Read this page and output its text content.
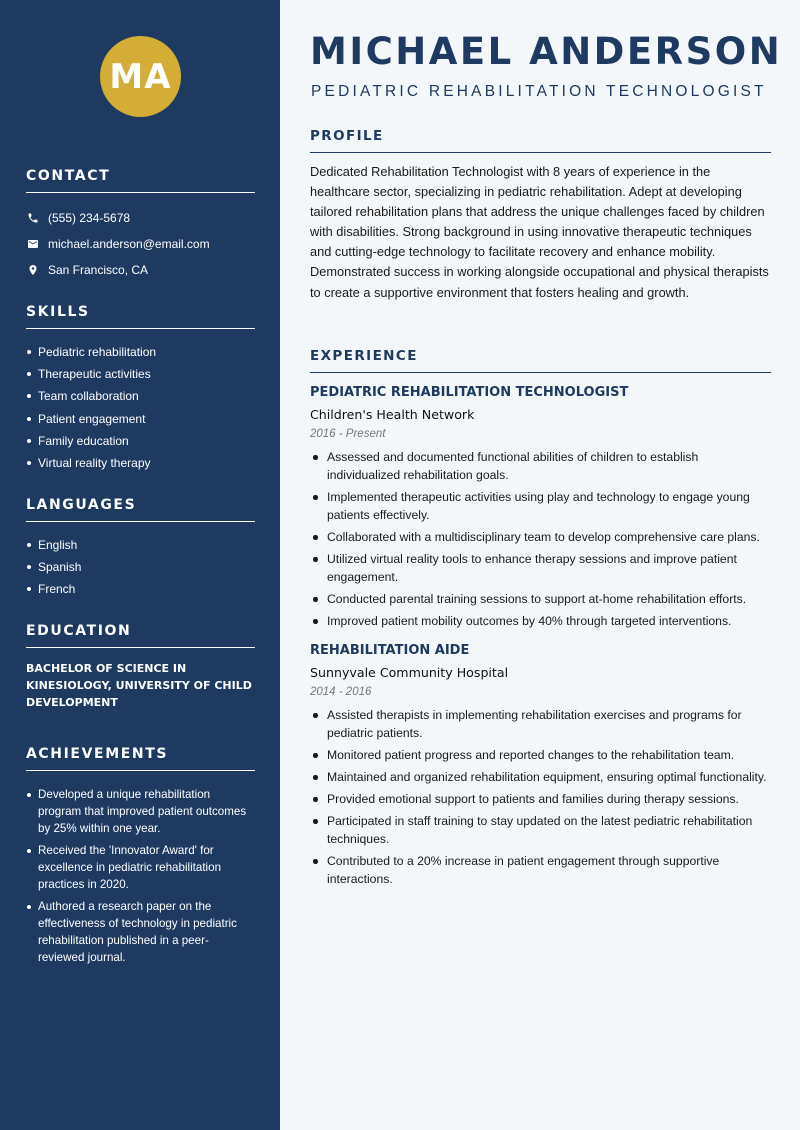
MA
CONTACT
(555) 234-5678
michael.anderson@email.com
San Francisco, CA
SKILLS
Pediatric rehabilitation
Therapeutic activities
Team collaboration
Patient engagement
Family education
Virtual reality therapy
LANGUAGES
English
Spanish
French
EDUCATION
BACHELOR OF SCIENCE IN KINESIOLOGY, UNIVERSITY OF CHILD DEVELOPMENT
ACHIEVEMENTS
Developed a unique rehabilitation program that improved patient outcomes by 25% within one year.
Received the 'Innovator Award' for excellence in pediatric rehabilitation practices in 2020.
Authored a research paper on the effectiveness of technology in pediatric rehabilitation published in a peer-reviewed journal.
MICHAEL ANDERSON
PEDIATRIC REHABILITATION TECHNOLOGIST
PROFILE

Dedicated Rehabilitation Technologist with 8 years of experience in the healthcare sector, specializing in pediatric rehabilitation. Adept at developing tailored rehabilitation plans that address the unique challenges faced by children with disabilities. Strong background in using innovative therapeutic techniques and cutting-edge technology to facilitate recovery and enhance mobility. Demonstrated success in working alongside occupational and physical therapists to create a supportive environment that fosters healing and growth.

EXPERIENCE
PEDIATRIC REHABILITATION TECHNOLOGIST
Children's Health Network
2016 - Present
Assessed and documented functional abilities of children to establish individualized rehabilitation goals.
Implemented therapeutic activities using play and technology to engage young patients effectively.
Collaborated with a multidisciplinary team to develop comprehensive care plans.
Utilized virtual reality tools to enhance therapy sessions and improve patient engagement.
Conducted parental training sessions to support at-home rehabilitation efforts.
Improved patient mobility outcomes by 40% through targeted interventions.
REHABILITATION AIDE
Sunnyvale Community Hospital
2014 - 2016
Assisted therapists in implementing rehabilitation exercises and programs for pediatric patients.
Monitored patient progress and reported changes to the rehabilitation team.
Maintained and organized rehabilitation equipment, ensuring optimal functionality.
Provided emotional support to patients and families during therapy sessions.
Participated in staff training to stay updated on the latest pediatric rehabilitation techniques.
Contributed to a 20% increase in patient engagement through supportive interactions.
